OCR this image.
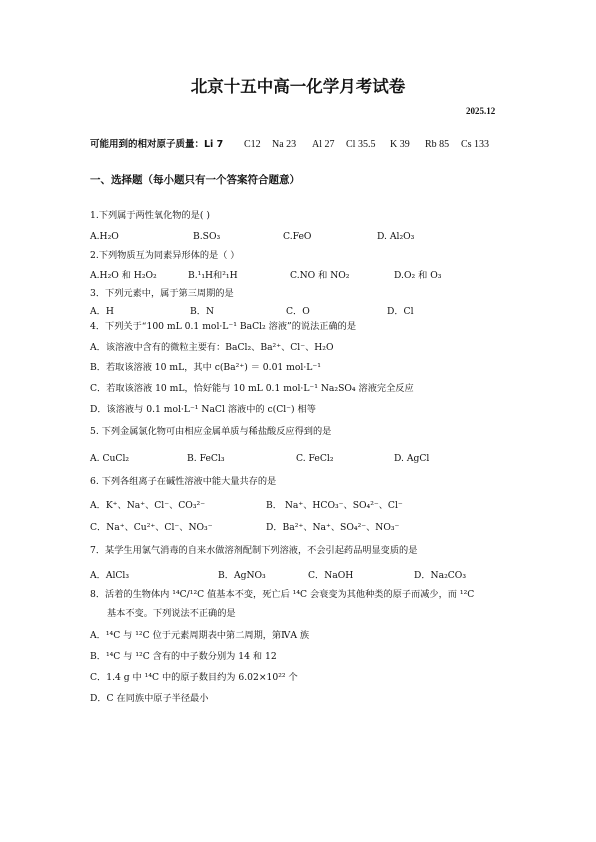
北京十五中高一化学月考试卷
2025.12
可能用到的相对原子质量：Li 7 C12 Na 23 Al 27 Cl 35.5 K 39 Rb 85 Cs 133
一、选择题（每小题只有一个答案符合题意）
1.下列属于两性氧化物的是( )
A.H₂O	B.SO₃	C.FeO	D. Al₂O₃
2.下列物质互为同素异形体的是（ ）
A.H₂O 和 H₂O₂	B.¹₁H和²₁H	C.NO 和 NO₂	D.O₂ 和 O₃
3．下列元素中，属于第三周期的是
A．H	B．N	C．O	D．Cl
4．下列关于“100 mL 0.1 mol·L⁻¹ BaCl₂ 溶液”的说法正确的是
A．该溶液中含有的微粒主要有：BaCl₂、Ba²⁺、Cl⁻、H₂O
B．若取该溶液 10 mL，其中 c(Ba²⁺) ＝ 0.01 mol·L⁻¹
C．若取该溶液 10 mL，恰好能与 10 mL 0.1 mol·L⁻¹ Na₂SO₄ 溶液完全反应
D．该溶液与 0.1 mol·L⁻¹ NaCl 溶液中的 c(Cl⁻) 相等
5. 下列金属氯化物可由相应金属单质与稀盐酸反应得到的是
A. CuCl₂	B. FeCl₃	C. FeCl₂	D. AgCl
6. 下列各组离子在碱性溶液中能大量共存的是
A．K⁺、Na⁺、Cl⁻、CO₃²⁻	B． Na⁺、HCO₃⁻、SO₄²⁻、Cl⁻
C．Na⁺、Cu²⁺、Cl⁻、NO₃⁻	D．Ba²⁺、Na⁺、SO₄²⁻、NO₃⁻
7．某学生用氯气消毒的自来水做溶剂配制下列溶液，不会引起药品明显变质的是
A．AlCl₃	B．AgNO₃	C．NaOH	D．Na₂CO₃
8．活着的生物体内 ¹⁴C/¹²C 值基本不变，死亡后 ¹⁴C 会衰变为其他种类的原子而减少，而 ¹²C
基本不变。下列说法不正确的是
A．¹⁴C 与 ¹²C 位于元素周期表中第二周期，第ⅣA 族
B．¹⁴C 与 ¹²C 含有的中子数分别为 14 和 12
C．1.4 g 中 ¹⁴C 中的原子数目约为 6.02×10²² 个
D．C 在同族中原子半径最小
